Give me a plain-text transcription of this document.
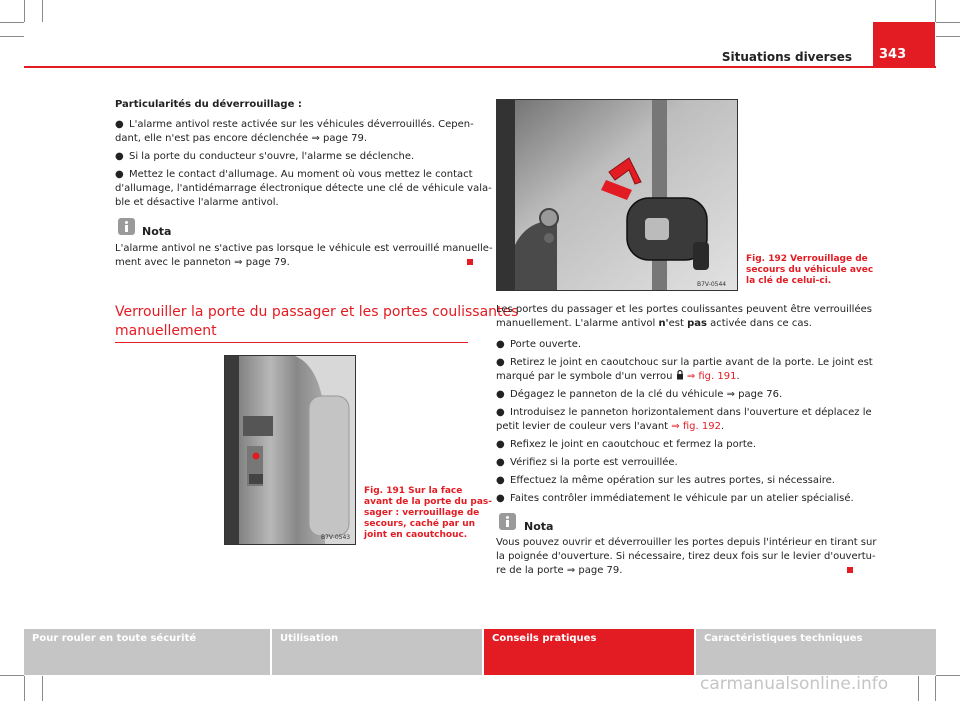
Situations diverses	343
Particularités du déverrouillage :
● L'alarme antivol reste activée sur les véhicules déverrouillés. Cepen-
dant, elle n'est pas encore déclenchée ⇒ page 79.
● Si la porte du conducteur s'ouvre, l'alarme se déclenche.
● Mettez le contact d'allumage. Au moment où vous mettez le contact
d'allumage, l'antidémarrage électronique détecte une clé de véhicule vala-
ble et désactive l'alarme antivol.
Nota
L'alarme antivol ne s'active pas lorsque le véhicule est verrouillé manuelle-
ment avec le panneton ⇒ page 79.
Verrouiller la porte du passager et les portes coulissantes
manuellement
B7V-0543
Fig. 191 Sur la face
avant de la porte du pas-
sager : verrouillage de
secours, caché par un
joint en caoutchouc.
B7V-0544
Fig. 192 Verrouillage de
secours du véhicule avec
la clé de celui-ci.
Les portes du passager et les portes coulissantes peuvent être verrouillées
manuellement. L'alarme antivol n'est pas activée dans ce cas.
● Porte ouverte.
● Retirez le joint en caoutchouc sur la partie avant de la porte. Le joint est
marqué par le symbole d'un verrou ⇒ fig. 191.
● Dégagez le panneton de la clé du véhicule ⇒ page 76.
● Introduisez le panneton horizontalement dans l'ouverture et déplacez le
petit levier de couleur vers l'avant ⇒ fig. 192.
● Refixez le joint en caoutchouc et fermez la porte.
● Vérifiez si la porte est verrouillée.
● Effectuez la même opération sur les autres portes, si nécessaire.
● Faites contrôler immédiatement le véhicule par un atelier spécialisé.
Nota
Vous pouvez ouvrir et déverrouiller les portes depuis l'intérieur en tirant sur
la poignée d'ouverture. Si nécessaire, tirez deux fois sur le levier d'ouvertu-
re de la porte ⇒ page 79.
Pour rouler en toute sécurité	Utilisation	Conseils pratiques	Caractéristiques techniques
carmanualsonline.info
